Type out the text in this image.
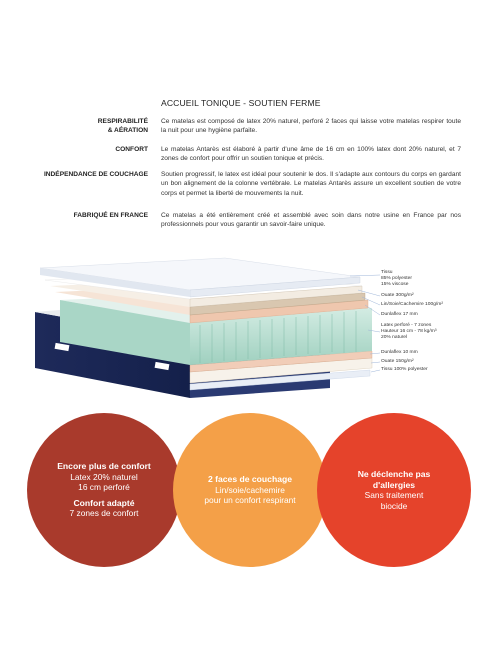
ACCUEIL TONIQUE - SOUTIEN FERME
RESPIRABILITÉ
& AÉRATION
Ce matelas est composé de latex 20% naturel, perforé 2 faces qui laisse votre matelas respirer toute la nuit pour une hygiène parfaite.
CONFORT Le matelas Antarès est élaboré à partir d'une âme de 16 cm en 100% latex dont 20% naturel, et 7 zones de confort pour offrir un soutien tonique et précis.
INDÉPENDANCE DE COUCHAGE Soutien progressif, le latex est idéal pour soutenir le dos. Il s'adapte aux contours du corps en gardant un bon alignement de la colonne vertébrale. Le matelas Antarès assure un excellent soutien de votre corps et permet la liberté de mouvements la nuit.
FABRIQUÉ EN FRANCE Ce matelas a été entièrement créé et assemblé avec soin dans notre usine en France par nos professionnels pour vous garantir un savoir-faire unique.
Tissu
85% polyester
15% viscose
Ouate 300g/m²
Lin/Soie/Cachemire 100g/m²
Dunlaflex 17 mm
Latex perforé - 7 zones
Hauteur 16 cm - 78 kg/m³
20% naturel
Dunlaflex 10 mm
Ouate 150g/m²
Tissu 100% polyester
Encore plus de confort
Latex 20% naturel
16 cm perforé
Confort adapté
7 zones de confort
2 faces de couchage
Lin/soie/cachemire
pour un confort respirant
Ne déclenche pas
d'allergies
Sans traitement
biocide
